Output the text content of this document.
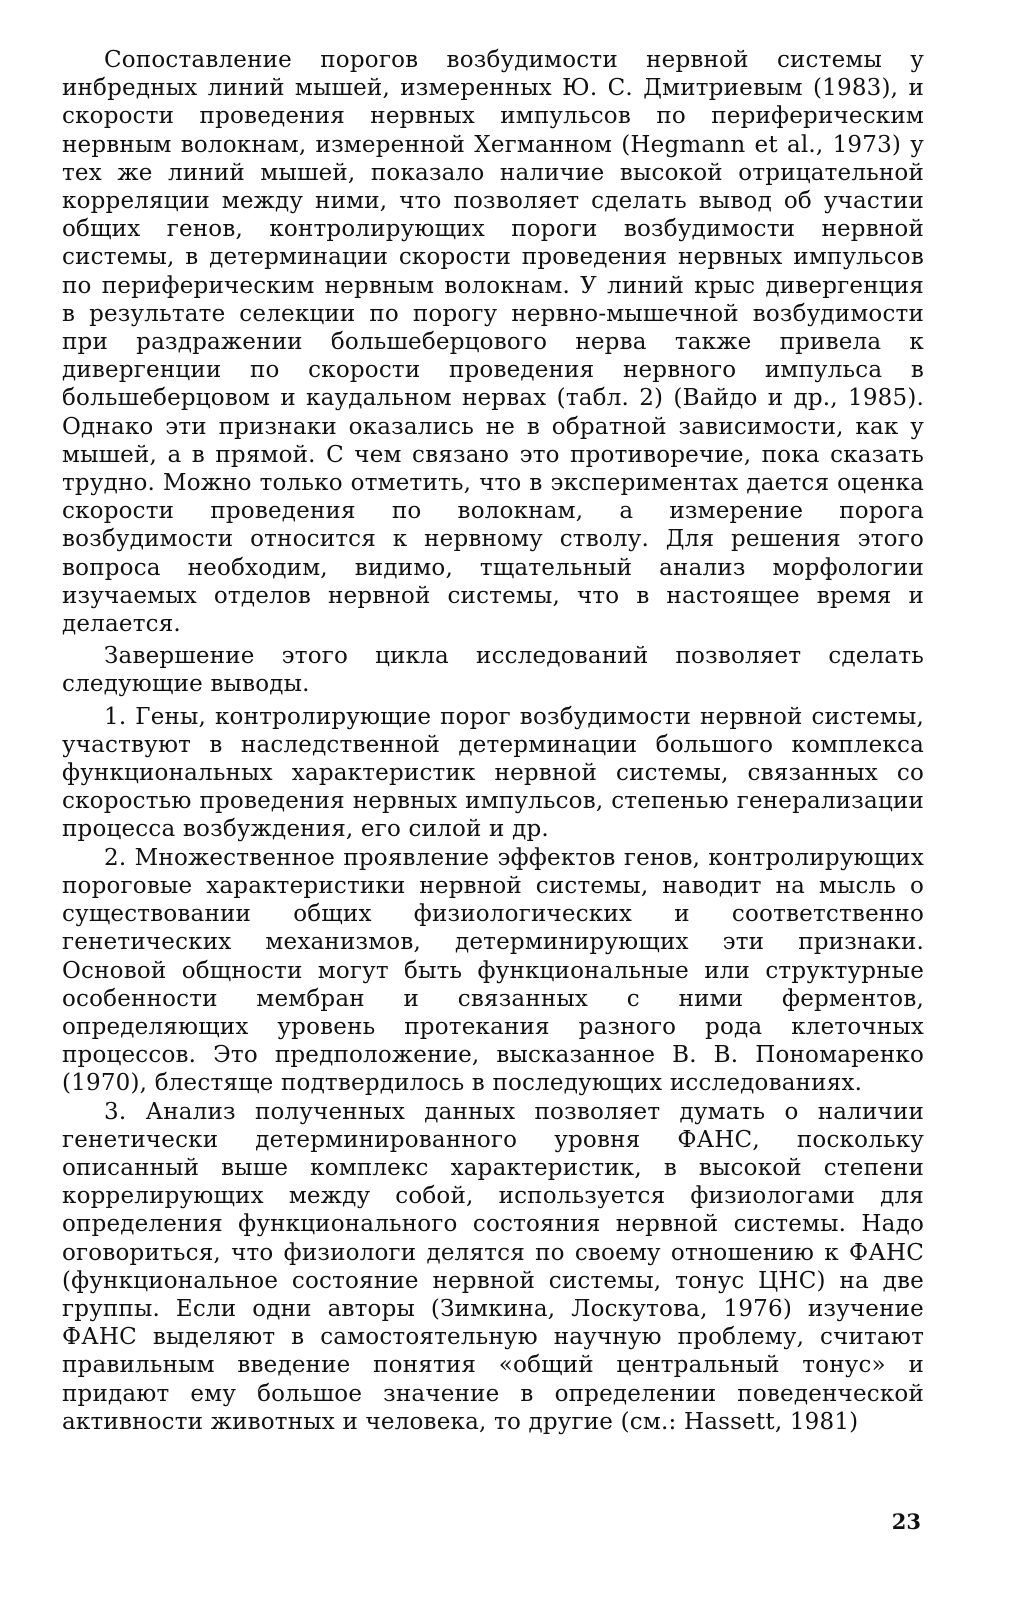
Сопоставление порогов возбудимости нервной системы у инбредных линий мышей, измеренных Ю. С. Дмитриевым (1983), и скорости проведения нервных импульсов по периферическим нервным волокнам, измеренной Хегманном (Hegmann et al., 1973) у тех же линий мышей, показало наличие высокой отрицательной корреляции между ними, что позволяет сделать вывод об участии общих генов, контролирующих пороги возбудимости нервной системы, в детерминации скорости проведения нервных импульсов по периферическим нервным волокнам. У линий крыс дивергенция в результате селекции по порогу нервно-мышечной возбудимости при раздражении большеберцового нерва также привела к дивергенции по скорости проведения нервного импульса в большеберцовом и каудальном нервах (табл. 2) (Вайдо и др., 1985). Однако эти признаки оказались не в обратной зависимости, как у мышей, а в прямой. С чем связано это противоречие, пока сказать трудно. Можно только отметить, что в экспериментах дается оценка скорости проведения по волокнам, а измерение порога возбудимости относится к нервному стволу. Для решения этого вопроса необходим, видимо, тщательный анализ морфологии изучаемых отделов нервной системы, что в настоящее время и делается.

Завершение этого цикла исследований позволяет сделать следующие выводы.

1. Гены, контролирующие порог возбудимости нервной системы, участвуют в наследственной детерминации большого комплекса функциональных характеристик нервной системы, связанных со скоростью проведения нервных импульсов, степенью генерализации процесса возбуждения, его силой и др.

2. Множественное проявление эффектов генов, контролирующих пороговые характеристики нервной системы, наводит на мысль о существовании общих физиологических и соответственно генетических механизмов, детерминирующих эти признаки. Основой общности могут быть функциональные или структурные особенности мембран и связанных с ними ферментов, определяющих уровень протекания разного рода клеточных процессов. Это предположение, высказанное В. В. Пономаренко (1970), блестяще подтвердилось в последующих исследованиях.

3. Анализ полученных данных позволяет думать о наличии генетически детерминированного уровня ФАНС, поскольку описанный выше комплекс характеристик, в высокой степени коррелирующих между собой, используется физиологами для определения функционального состояния нервной системы. Надо оговориться, что физиологи делятся по своему отношению к ФАНС (функциональное состояние нервной системы, тонус ЦНС) на две группы. Если одни авторы (Зимкина, Лоскутова, 1976) изучение ФАНС выделяют в самостоятельную научную проблему, считают правильным введение понятия «общий центральный тонус» и придают ему большое значение в определении поведенческой активности животных и человека, то другие (см.: Hassett, 1981)

23
